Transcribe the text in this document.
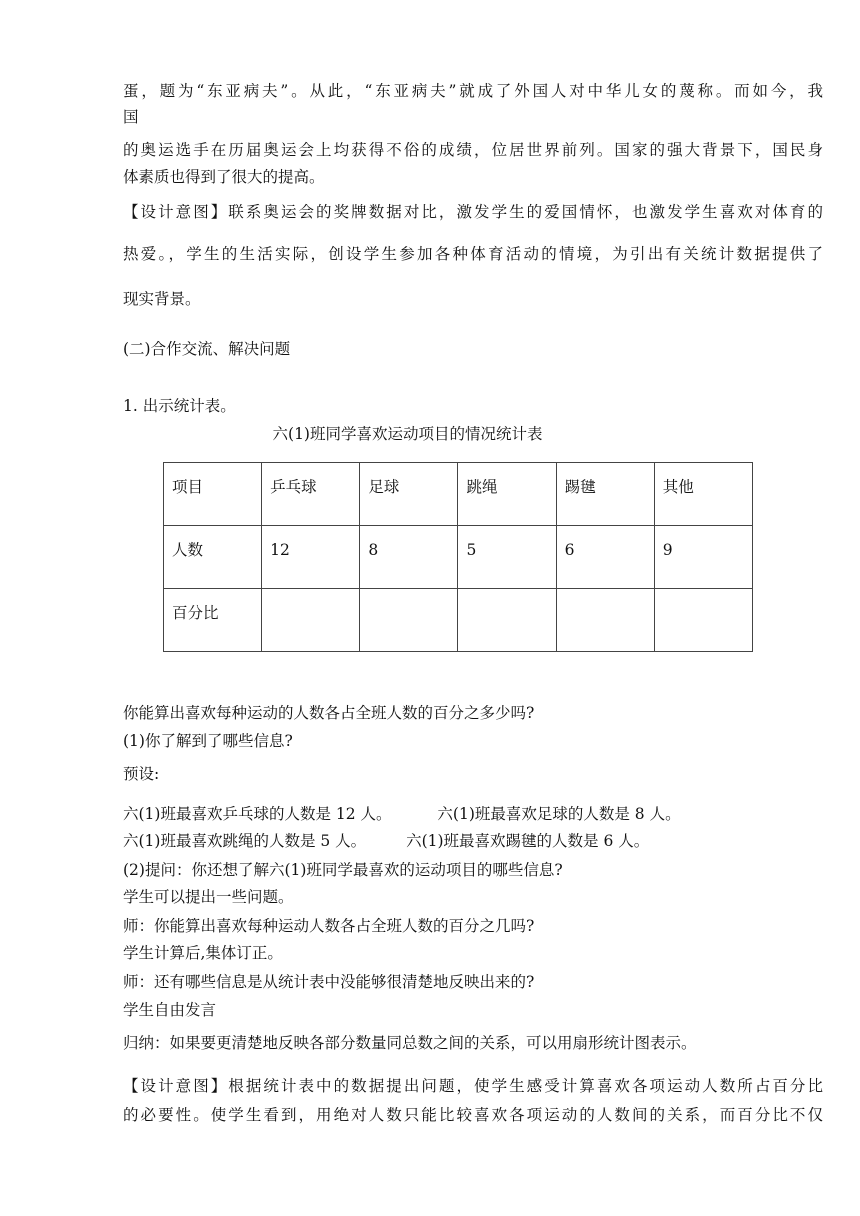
蛋，题为“东亚病夫”。从此，“东亚病夫”就成了外国人对中华儿女的蔑称。而如今，我
国
的奥运选手在历届奥运会上均获得不俗的成绩，位居世界前列。国家的强大背景下，国民身
体素质也得到了很大的提高。
【设计意图】联系奥运会的奖牌数据对比，激发学生的爱国情怀，也激发学生喜欢对体育的
热爱。，学生的生活实际，创设学生参加各种体育活动的情境，为引出有关统计数据提供了
现实背景。
(二)合作交流、解决问题
1. 出示统计表。
六(1)班同学喜欢运动项目的情况统计表
项目	乒乓球	足球	跳绳	踢毽	其他
人数	12	8	5	6	9
百分比					
你能算出喜欢每种运动的人数各占全班人数的百分之多少吗?
(1)你了解到了哪些信息?
预设:
六(1)班最喜欢乒乓球的人数是 12 人。	六(1)班最喜欢足球的人数是 8 人。
六(1)班最喜欢跳绳的人数是 5 人。	六(1)班最喜欢踢毽的人数是 6 人。
(2)提问：你还想了解六(1)班同学最喜欢的运动项目的哪些信息?
学生可以提出一些问题。
师：你能算出喜欢每种运动人数各占全班人数的百分之几吗?
学生计算后,集体订正。
师：还有哪些信息是从统计表中没能够很清楚地反映出来的?
学生自由发言
归纳：如果要更清楚地反映各部分数量同总数之间的关系，可以用扇形统计图表示。
【设计意图】根据统计表中的数据提出问题，使学生感受计算喜欢各项运动人数所占百分比
的必要性。使学生看到，用绝对人数只能比较喜欢各项运动的人数间的关系，而百分比不仅
